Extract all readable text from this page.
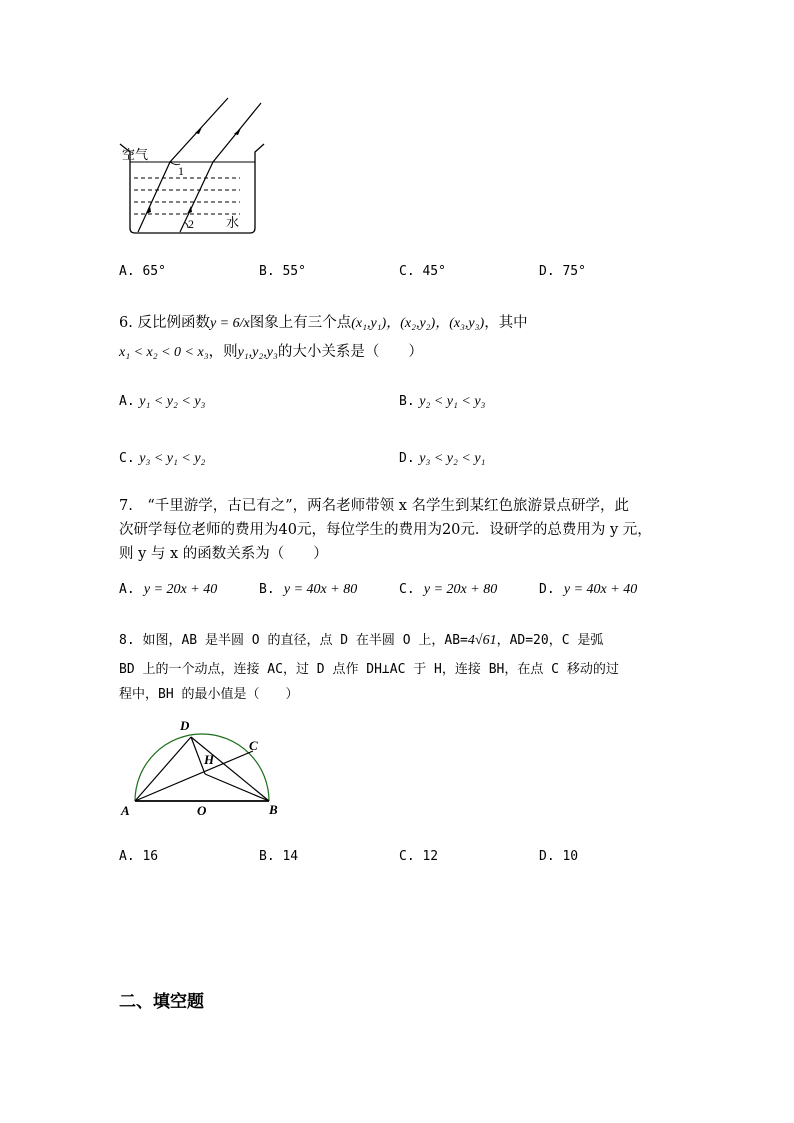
空气
1
2 水
A. 65°	B. 55°	C. 45°	D. 75°
6. 反比例函数y = 6/x图象上有三个点(x₁,y₁)，(x₂,y₂)，(x₃,y₃)，其中
x₁ < x₂ < 0 < x₃，则y₁,y₂,y₃的大小关系是（　　）
A. y₁ < y₂ < y₃	B. y₂ < y₁ < y₃
C. y₃ < y₁ < y₂	D. y₃ < y₂ < y₁
7.　“千里游学，古已有之”，两名老师带领 x 名学生到某红色旅游景点研学，此
次研学每位老师的费用为40元，每位学生的费用为20元．设研学的总费用为 y 元，
则 y 与 x 的函数关系为（　　）
A. y = 20x + 40	B. y = 40x + 80	C. y = 20x + 80	D. y = 40x + 40
8. 如图，AB 是半圆 O 的直径，点 D 在半圆 O 上，AB=4√61，AD=20，C 是弧
BD 上的一个动点，连接 AC，过 D 点作 DH⊥AC 于 H，连接 BH，在点 C 移动的过
程中，BH 的最小值是（　　）
D
C
H
A	O	B
A. 16	B. 14	C. 12	D. 10
二、填空题
